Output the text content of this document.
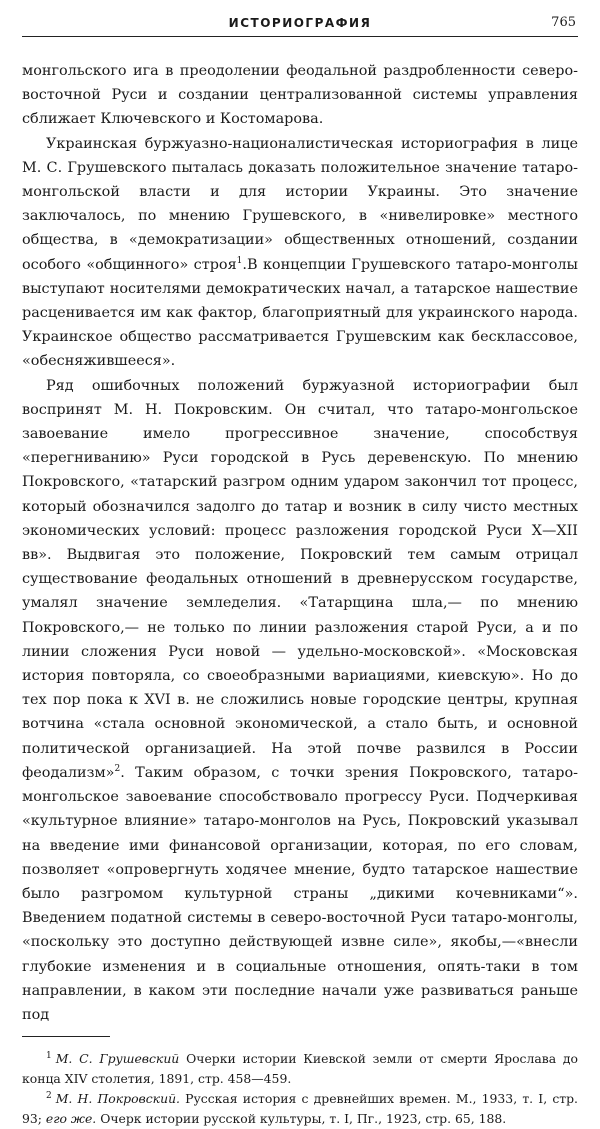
ИСТОРИОГРАФИЯ	765

монгольского ига в преодолении феодальной раздробленности северо-восточной Руси и создании централизованной системы управления сближает Ключевского и Костомарова.

Украинская буржуазно-националистическая историография в лице М. С. Грушевского пыталась доказать положительное значение татаро-монгольской власти и для истории Украины. Это значение заключалось, по мнению Грушевского, в «нивелировке» местного общества, в «демократизации» общественных отношений, создании особого «общинного» строя$^1$.В концепции Грушевского татаро-монголы выступают носителями демократических начал, а татарское нашествие расценивается им как фактор, благоприятный для украинского народа. Украинское общество рассматривается Грушевским как бесклассовое, «обесняжившееся».

Ряд ошибочных положений буржуазной историографии был воспринят М. Н. Покровским. Он считал, что татаро-монгольское завоевание имело прогрессивное значение, способствуя «перегниванию» Руси городской в Русь деревенскую. По мнению Покровского, «татарский разгром одним ударом закончил тот процесс, который обозначился задолго до татар и возник в силу чисто местных экономических условий: процесс разложения городской Руси X—XII вв». Выдвигая это положение, Покровский тем самым отрицал существование феодальных отношений в древнерусском государстве, умалял значение земледелия. «Татарщина шла,— по мнению Покровского,— не только по линии разложения старой Руси, а и по линии сложения Руси новой — удельно-московской». «Московская история повторяла, со своеобразными вариациями, киевскую». Но до тех пор пока к XVI в. не сложились новые городские центры, крупная вотчина «стала основной экономической, а стало быть, и основной политической организацией. На этой почве развился в России феодализм»$^2$. Таким образом, с точки зрения Покровского, татаро-монгольское завоевание способствовало прогрессу Руси. Подчеркивая «культурное влияние» татаро-монголов на Русь, Покровский указывал на введение ими финансовой организации, которая, по его словам, позволяет «опровергнуть ходячее мнение, будто татарское нашествие было разгромом культурной страны „дикими кочевниками“». Введением податной системы в северо-восточной Руси татаро-монголы, «поскольку это доступно действующей извне силе», якобы,—«внесли глубокие изменения и в социальные отношения, опять-таки в том направлении, в каком эти последние начали уже развиваться раньше под

$^1$ М. С. Грушевский Очерки истории Киевской земли от смерти Ярослава до конца XIV столетия, 1891, стр. 458—459.

$^2$ М. Н. Покровский. Русская история с древнейших времен. М., 1933, т. I, стр. 93; его же. Очерк истории русской культуры, т. I, Пг., 1923, стр. 65, 188.
